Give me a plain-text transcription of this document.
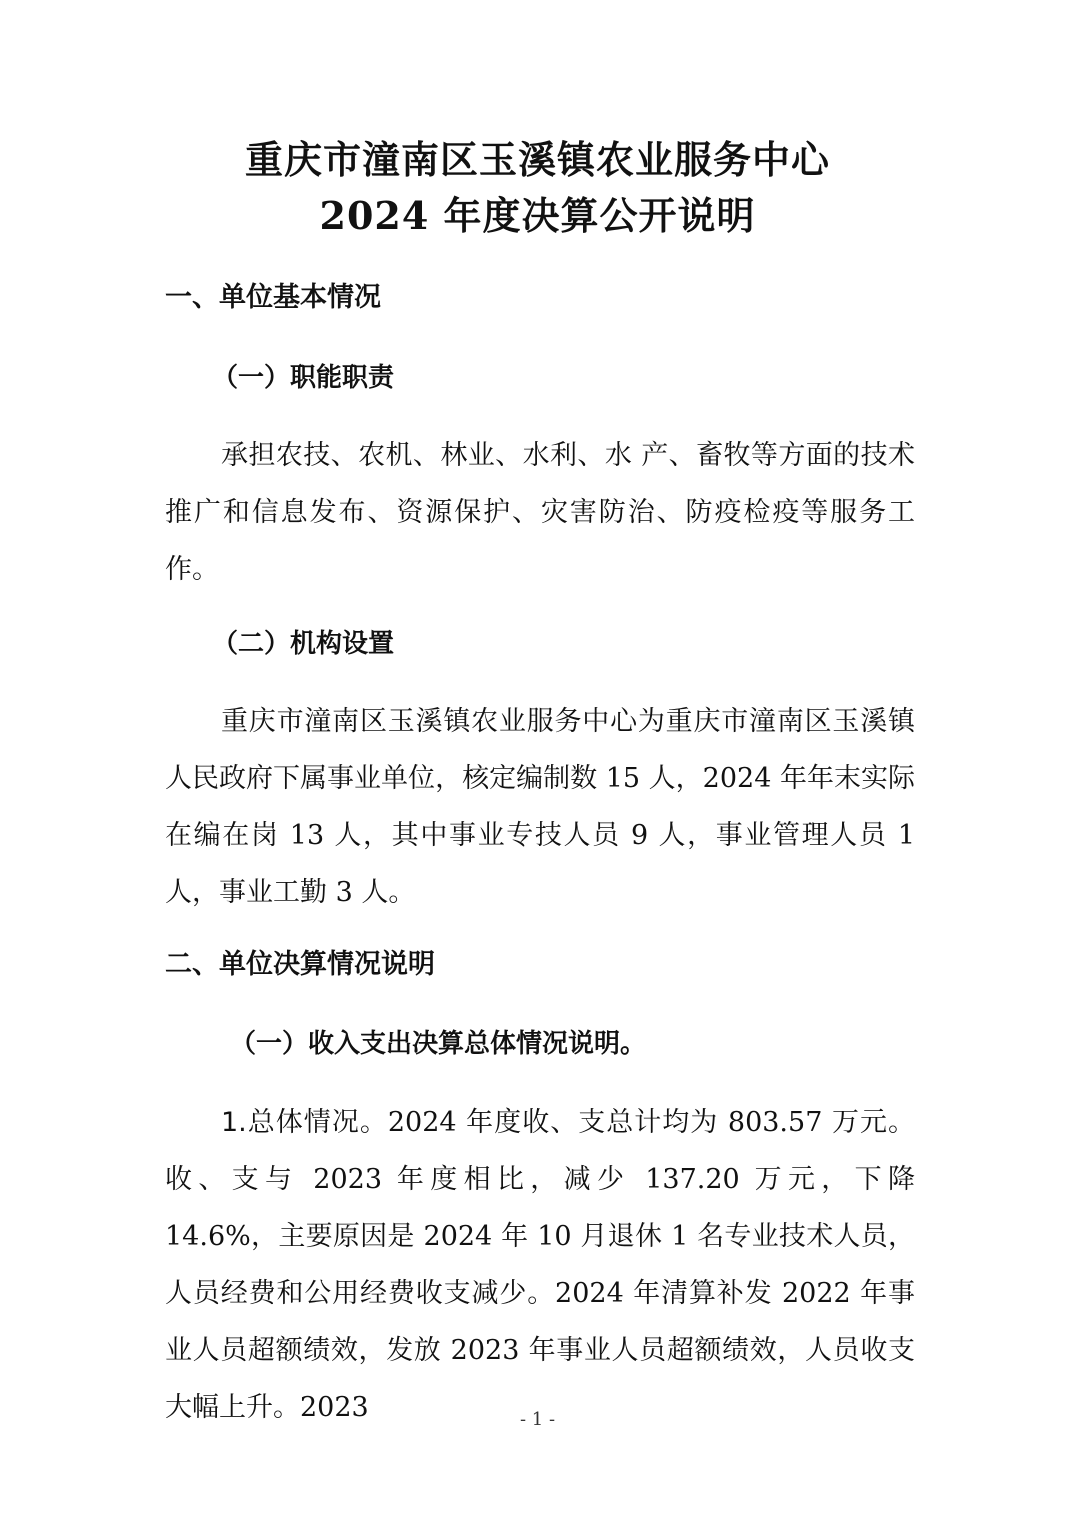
重庆市潼南区玉溪镇农业服务中心
2024 年度决算公开说明
一、单位基本情况
（一）职能职责

承担农技、农机、林业、水利、水 产、畜牧等方面的技术推广和信息发布、资源保护、灾害防治、防疫检疫等服务工作。

（二）机构设置

重庆市潼南区玉溪镇农业服务中心为重庆市潼南区玉溪镇人民政府下属事业单位，核定编制数 15 人，2024 年年末实际在编在岗 13 人，其中事业专技人员 9 人，事业管理人员 1 人，事业工勤 3 人。

二、单位决算情况说明
（一）收入支出决算总体情况说明。

1.总体情况。2024 年度收、支总计均为 803.57 万元。收、支与 2023 年度相比，减少 137.20 万元，下降 14.6%，主要原因是 2024 年 10 月退休 1 名专业技术人员，人员经费和公用经费收支减少。2024 年清算补发 2022 年事业人员超额绩效，发放 2023 年事业人员超额绩效，人员收支大幅上升。2023	- 1 -
